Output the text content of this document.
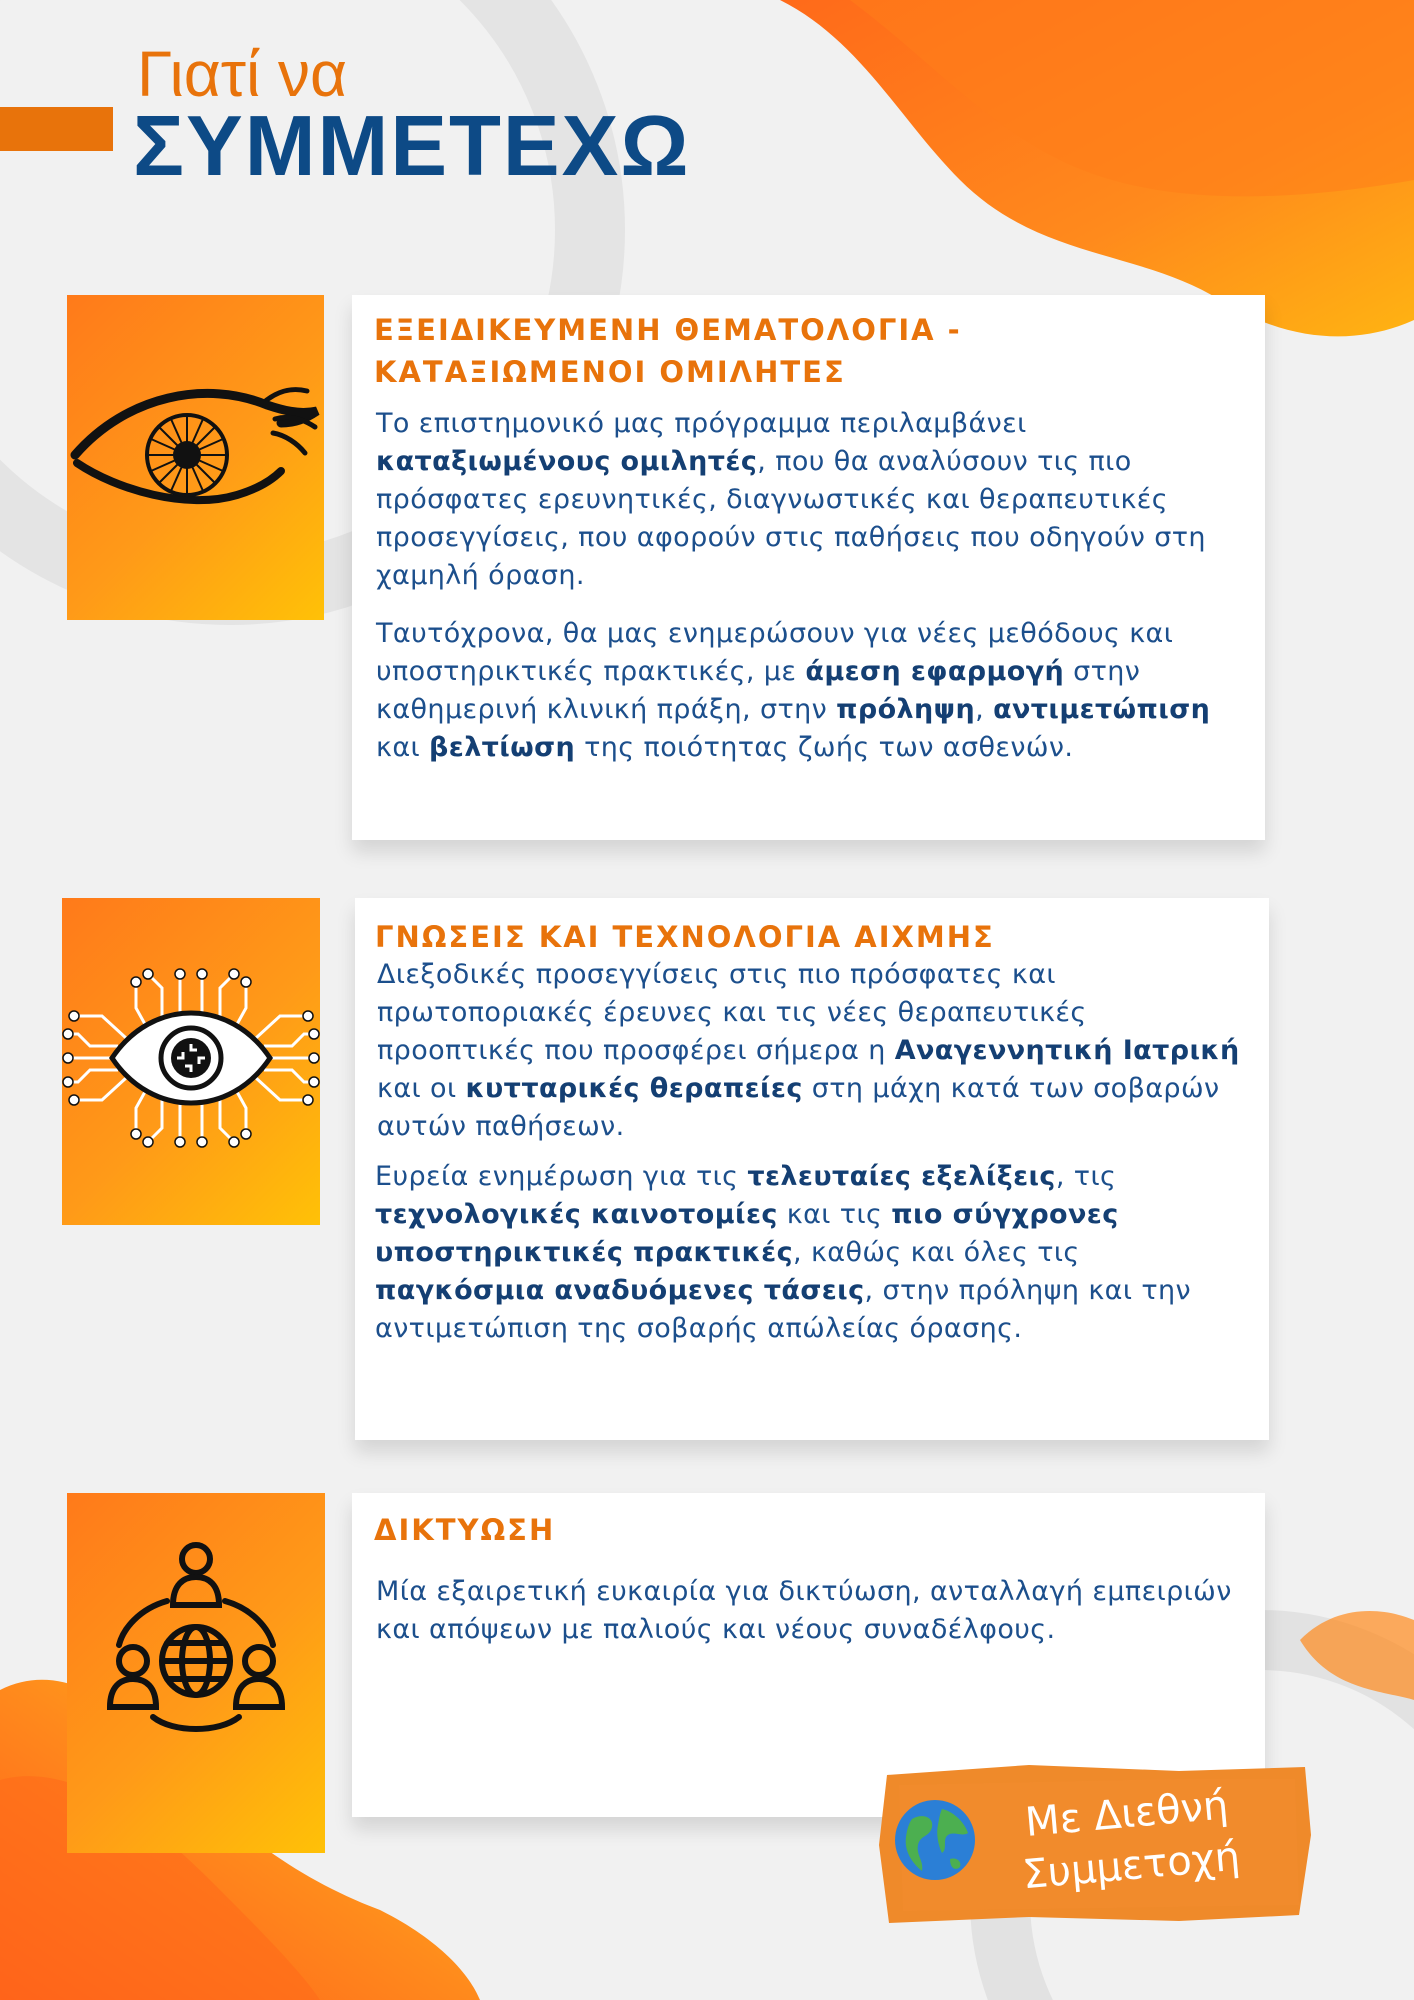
Γιατί να
ΣΥΜΜΕΤΕΧΩ
ΕΞΕΙΔΙΚΕΥΜΕΝΗ ΘΕΜΑΤΟΛΟΓΙΑ -
ΚΑΤΑΞΙΩΜΕΝΟΙ ΟΜΙΛΗΤΕΣ

Το επιστημονικό μας πρόγραμμα περιλαμβάνει καταξιωμένους ομιλητές, που θα αναλύσουν τις πιο πρόσφατες ερευνητικές, διαγνωστικές και θεραπευτικές προσεγγίσεις, που αφορούν στις παθήσεις που οδηγούν στη χαμηλή όραση.

Ταυτόχρονα, θα μας ενημερώσουν για νέες μεθόδους και υποστηρικτικές πρακτικές, με άμεση εφαρμογή στην καθημερινή κλινική πράξη, στην πρόληψη, αντιμετώπιση και βελτίωση της ποιότητας ζωής των ασθενών.

ΓΝΩΣΕΙΣ ΚΑΙ ΤΕΧΝΟΛΟΓΙΑ ΑΙΧΜΗΣ

Διεξοδικές προσεγγίσεις στις πιο πρόσφατες και πρωτοποριακές έρευνες και τις νέες θεραπευτικές προοπτικές που προσφέρει σήμερα η Αναγεννητική Ιατρική και οι κυτταρικές θεραπείες στη μάχη κατά των σοβαρών αυτών παθήσεων.

Ευρεία ενημέρωση για τις τελευταίες εξελίξεις, τις τεχνολογικές καινοτομίες και τις πιο σύγχρονες υποστηρικτικές πρακτικές, καθώς και όλες τις παγκόσμια αναδυόμενες τάσεις, στην πρόληψη και την αντιμετώπιση της σοβαρής απώλείας όρασης.

ΔΙΚΤΥΩΣΗ

Μία εξαιρετική ευκαιρία για δικτύωση, ανταλλαγή εμπειριών και απόψεων με παλιούς και νέους συναδέλφους.

Με Διεθνή
Συμμετοχή
